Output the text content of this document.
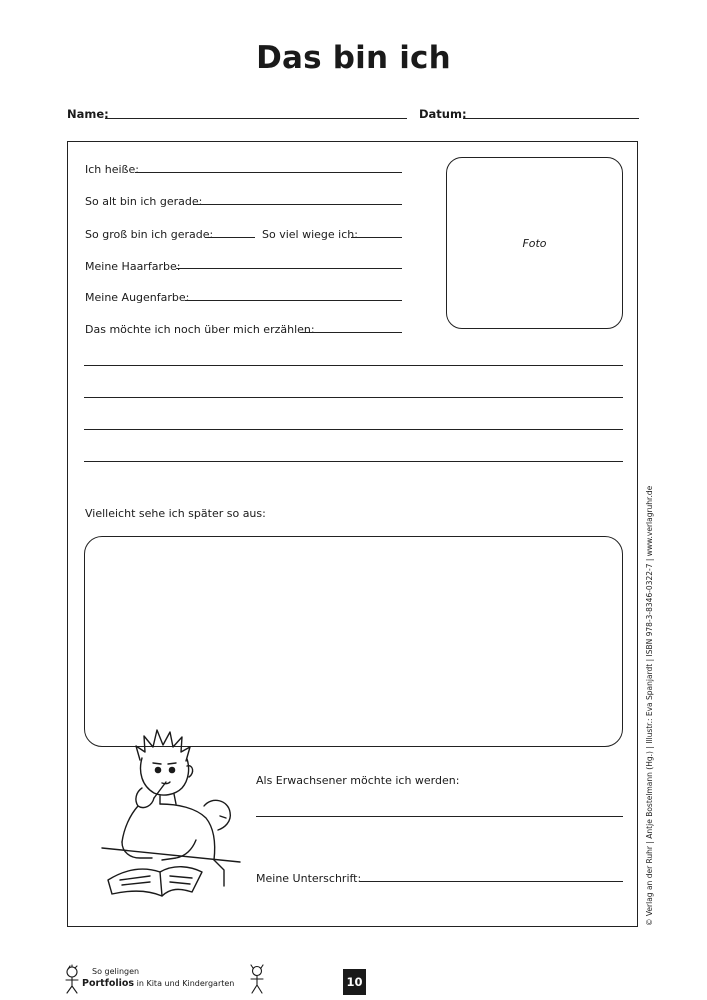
Das bin ich
Name:	Datum:
Ich heiße:
So alt bin ich gerade:
So groß bin ich gerade:	So viel wiege ich:
Meine Haarfarbe:
Meine Augenfarbe:
Das möchte ich noch über mich erzählen:
Foto
Vielleicht sehe ich später so aus:
Als Erwachsener möchte ich werden:
Meine Unterschrift:	© Verlag an der Ruhr | Antje Bostelmann (Hg.) | Illustr.: Eva Spanjardt | ISBN 978-3-8346-0322-7 | www.verlagruhr.de
So gelingen
Portfolios in Kita und Kindergarten	10
